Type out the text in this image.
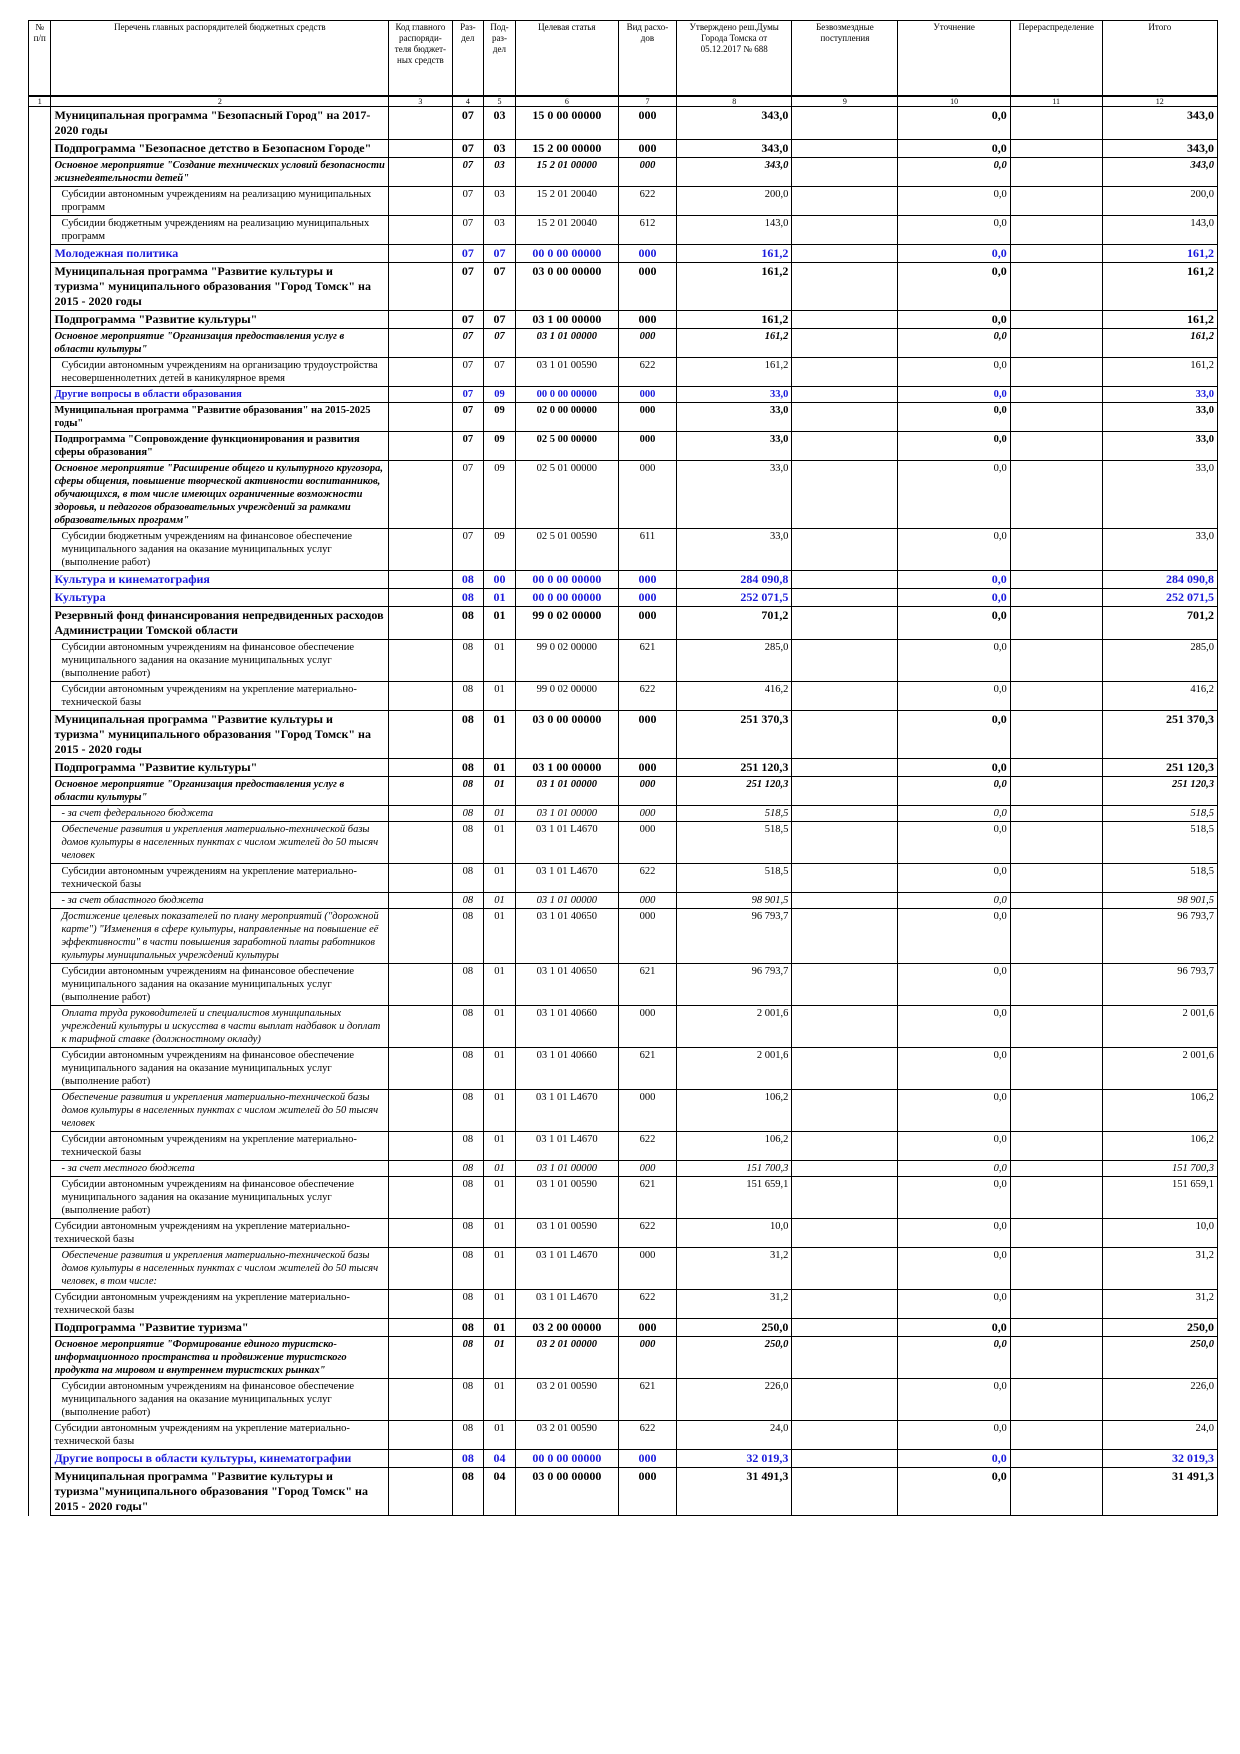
№ п/п	Перечень главных распорядителей бюджетных средств	Код главного распоряди-теля бюджет-ных средств	Раз-дел	Под-раз-дел	Целевая статья	Вид расхо-дов	Утверждено реш.Думы Города Томска от 05.12.2017 № 688	Безвозмездные поступления	Уточнение	Перераспределение	Итого
1	2	3	4	5	6	7	8	9	10	11	12
	Муниципальная программа "Безопасный Город" на 2017-2020 годы		07	03	15 0 00 00000	000	343,0		0,0		343,0
	Подпрограмма "Безопасное детство в Безопасном Городе"		07	03	15 2 00 00000	000	343,0		0,0		343,0
	Основное мероприятие "Создание технических условий безопасности жизнедеятельности детей"		07	03	15 2 01 00000	000	343,0		0,0		343,0
	Субсидии автономным учреждениям на реализацию муниципальных программ		07	03	15 2 01 20040	622	200,0		0,0		200,0
	Субсидии бюджетным учреждениям на реализацию муниципальных программ		07	03	15 2 01 20040	612	143,0		0,0		143,0
	Молодежная политика		07	07	00 0 00 00000	000	161,2		0,0		161,2
	Муниципальная программа "Развитие культуры и туризма" муниципального образования "Город Томск" на 2015 - 2020 годы		07	07	03 0 00 00000	000	161,2		0,0		161,2
	Подпрограмма "Развитие культуры"		07	07	03 1 00 00000	000	161,2		0,0		161,2
	Основное мероприятие "Организация предоставления услуг в области культуры"		07	07	03 1 01 00000	000	161,2		0,0		161,2
	Субсидии автономным учреждениям на организацию трудоустройства несовершеннолетних детей в каникулярное время		07	07	03 1 01 00590	622	161,2		0,0		161,2
	Другие вопросы в области образования		07	09	00 0 00 00000	000	33,0		0,0		33,0
	Муниципальная программа "Развитие образования" на 2015-2025 годы"		07	09	02 0 00 00000	000	33,0		0,0		33,0
	Подпрограмма "Сопровождение функционирования и развития сферы образования"		07	09	02 5 00 00000	000	33,0		0,0		33,0
	Основное мероприятие "Расширение общего и культурного кругозора, сферы общения, повышение творческой активности воспитанников, обучающихся, в том числе имеющих ограниченные возможности здоровья, и педагогов образовательных учреждений за рамками образовательных программ"		07	09	02 5 01 00000	000	33,0		0,0		33,0
	Субсидии бюджетным учреждениям на финансовое обеспечение муниципального задания на оказание муниципальных услуг (выполнение работ)		07	09	02 5 01 00590	611	33,0		0,0		33,0
	Культура и кинематография		08	00	00 0 00 00000	000	284 090,8		0,0		284 090,8
	Культура		08	01	00 0 00 00000	000	252 071,5		0,0		252 071,5
	Резервный фонд финансирования непредвиденных расходов Администрации Томской области		08	01	99 0 02 00000	000	701,2		0,0		701,2
	Субсидии автономным учреждениям на финансовое обеспечение муниципального задания на оказание муниципальных услуг (выполнение работ)		08	01	99 0 02 00000	621	285,0		0,0		285,0
	Субсидии автономным учреждениям на укрепление материально-технической базы		08	01	99 0 02 00000	622	416,2		0,0		416,2
	Муниципальная программа "Развитие культуры и туризма" муниципального образования "Город Томск" на 2015 - 2020 годы		08	01	03 0 00 00000	000	251 370,3		0,0		251 370,3
	Подпрограмма "Развитие культуры"		08	01	03 1 00 00000	000	251 120,3		0,0		251 120,3
	Основное мероприятие "Организация предоставления услуг в области культуры"		08	01	03 1 01 00000	000	251 120,3		0,0		251 120,3
	- за счет федерального бюджета		08	01	03 1 01 00000	000	518,5		0,0		518,5
	Обеспечение развития и укрепления материально-технической базы домов культуры в населенных пунктах с числом жителей до 50 тысяч человек		08	01	03 1 01 L4670	000	518,5		0,0		518,5
	Субсидии автономным учреждениям на укрепление материально-технической базы		08	01	03 1 01 L4670	622	518,5		0,0		518,5
	- за счет областного бюджета		08	01	03 1 01 00000	000	98 901,5		0,0		98 901,5
	Достижение целевых показателей по плану мероприятий ("дорожной карте") "Изменения в сфере культуры, направленные на повышение её эффективности" в части повышения заработной платы работников культуры муниципальных учреждений культуры		08	01	03 1 01 40650	000	96 793,7		0,0		96 793,7
	Субсидии автономным учреждениям на финансовое обеспечение муниципального задания на оказание муниципальных услуг (выполнение работ)		08	01	03 1 01 40650	621	96 793,7		0,0		96 793,7
	Оплата труда руководителей и специалистов муниципальных учреждений культуры и искусства в части выплат надбавок и доплат к тарифной ставке (должностному окладу)		08	01	03 1 01 40660	000	2 001,6		0,0		2 001,6
	Субсидии автономным учреждениям на финансовое обеспечение муниципального задания на оказание муниципальных услуг (выполнение работ)		08	01	03 1 01 40660	621	2 001,6		0,0		2 001,6
	Обеспечение развития и укрепления материально-технической базы домов культуры в населенных пунктах с числом жителей до 50 тысяч человек		08	01	03 1 01 L4670	000	106,2		0,0		106,2
	Субсидии автономным учреждениям на укрепление материально-технической базы		08	01	03 1 01 L4670	622	106,2		0,0		106,2
	- за счет местного бюджета		08	01	03 1 01 00000	000	151 700,3		0,0		151 700,3
	Субсидии автономным учреждениям на финансовое обеспечение муниципального задания на оказание муниципальных услуг (выполнение работ)		08	01	03 1 01 00590	621	151 659,1		0,0		151 659,1
	Субсидии автономным учреждениям на укрепление материально-технической базы		08	01	03 1 01 00590	622	10,0		0,0		10,0
	Обеспечение развития и укрепления материально-технической базы домов культуры в населенных пунктах с числом жителей до 50 тысяч человек, в том числе:		08	01	03 1 01 L4670	000	31,2		0,0		31,2
	Субсидии автономным учреждениям на укрепление материально-технической базы		08	01	03 1 01 L4670	622	31,2		0,0		31,2
	Подпрограмма "Развитие туризма"		08	01	03 2 00 00000	000	250,0		0,0		250,0
	Основное мероприятие "Формирование единого туристско-информационного пространства и продвижение туристского продукта на мировом и внутреннем туристских рынках"		08	01	03 2 01 00000	000	250,0		0,0		250,0
	Субсидии автономным учреждениям на финансовое обеспечение муниципального задания на оказание муниципальных услуг (выполнение работ)		08	01	03 2 01 00590	621	226,0		0,0		226,0
	Субсидии автономным учреждениям на укрепление материально-технической базы		08	01	03 2 01 00590	622	24,0		0,0		24,0
	Другие вопросы в области культуры, кинематографии		08	04	00 0 00 00000	000	32 019,3		0,0		32 019,3
	Муниципальная программа "Развитие культуры и туризма"муниципального образования "Город Томск" на 2015 - 2020 годы"		08	04	03 0 00 00000	000	31 491,3		0,0		31 491,3
